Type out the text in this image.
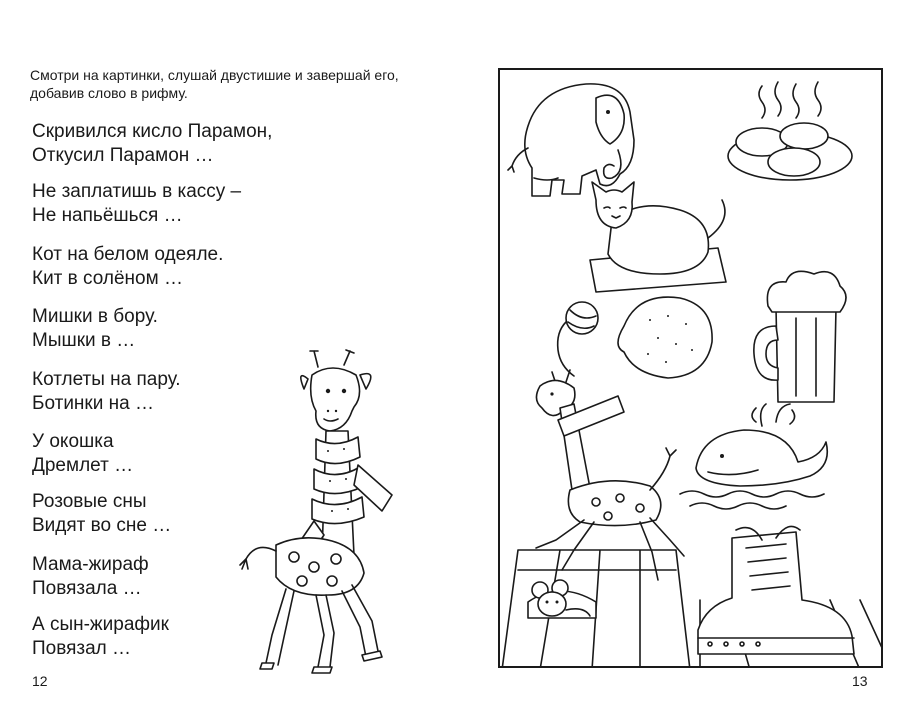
Смотри на картинки, слушай двустишие и завершай его, добавив слово в рифму.
Скривился кисло Парамон,
Откусил Парамон …
Не заплатишь в кассу –
Не напьёшься …
Кот на белом одеяле.
Кит в солёном …
Мишки в бору.
Мышки в …
Котлеты на пару.
Ботинки на …
У окошка
Дремлет …
Розовые сны
Видят во сне …
Мама-жираф
Повязала …
А сын-жирафик
Повязал …
12	13
